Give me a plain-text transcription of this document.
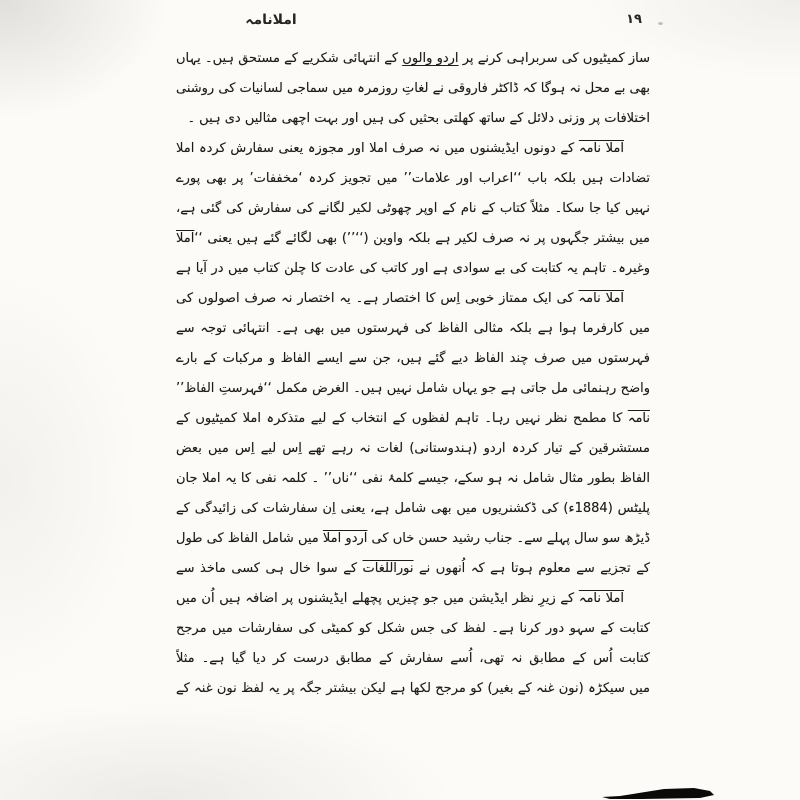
املانامہ	۱۹
ساز کمیٹیوں کی سربراہی کرنے پر اردو والوں کے انتہائی شکریے کے مستحق ہیں۔ یہاں
بھی بے محل نہ ہوگا کہ ڈاکٹر فاروقی نے لغاتِ روزمرہ میں سماجی لسانیات کی روشنی
اختلافات پر وزنی دلائل کے ساتھ کھلتی بحثیں کی ہیں اور بہت اچھی مثالیں دی ہیں ۔
املا نامہ کے دونوں ایڈیشنوں میں نہ صرف املا اور مجوزہ یعنی سفارش کردہ املا
تضادات ہیں بلکہ باب ‘‘اعراب اور علامات’’ میں تجویز کردہ ‘مخففات’ پر بھی پورے
نہیں کیا جا سکا۔ مثلاً کتاب کے نام کے اوپر چھوٹی لکیر لگانے کی سفارش کی گئی ہے،
میں بیشتر جگہوں پر نہ صرف لکیر ہے بلکہ واوین (‘‘’’) بھی لگائے گئے ہیں یعنی ‘‘املا
وغیرہ۔ تاہم یہ کتابت کی بے سوادی ہے اور کاتب کی عادت کا چلن کتاب میں در آیا ہے
املا نامہ کی ایک ممتاز خوبی اِس کا اختصار ہے۔ یہ اختصار نہ صرف اصولوں کی
میں کارفرما ہوا ہے بلکہ مثالی الفاظ کی فہرستوں میں بھی ہے۔ انتہائی توجہ سے
فہرستوں میں صرف چند الفاظ دیے گئے ہیں، جن سے ایسے الفاظ و مرکبات کے بارے
واضح رہنمائی مل جاتی ہے جو یہاں شامل نہیں ہیں۔ الغرض مکمل ‘‘فہرستِ الفاظ’’
نامہ کا مطمح نظر نہیں رہا۔ تاہم لفظوں کے انتخاب کے لیے متذکرہ املا کمیٹیوں کے
مستشرقین کے تیار کردہ اردو (ہندوستانی) لغات نہ رہے تھے اِس لیے اِس میں بعض
الفاظ بطور مثال شامل نہ ہو سکے، جیسے کلمۂ نفی ‘‘ناں’’ ۔ کلمہ نفی کا یہ املا جان
پلیٹس (1884ء) کی ڈکشنریوں میں بھی شامل ہے، یعنی اِن سفارشات کی زائیدگی کے
ڈیڑھ سو سال پہلے سے۔ جناب رشید حسن خاں کی اردو املا میں شامل الفاظ کی طول
کے تجزیے سے معلوم ہوتا ہے کہ اُنھوں نے نوراللغات کے سوا خال ہی کسی ماخذ سے
املا نامہ کے زیرِ نظر ایڈیشن میں جو چیزیں پچھلے ایڈیشنوں پر اضافہ ہیں اُن میں
کتابت کے سہو دور کرنا ہے۔ لفظ کی جس شکل کو کمیٹی کی سفارشات میں مرجح
کتابت اُس کے مطابق نہ تھی، اُسے سفارش کے مطابق درست کر دیا گیا ہے۔ مثلاً
میں سیکڑہ (نون غنہ کے بغیر) کو مرجح لکھا ہے لیکن بیشتر جگہ پر یہ لفظ نون غنہ کے
